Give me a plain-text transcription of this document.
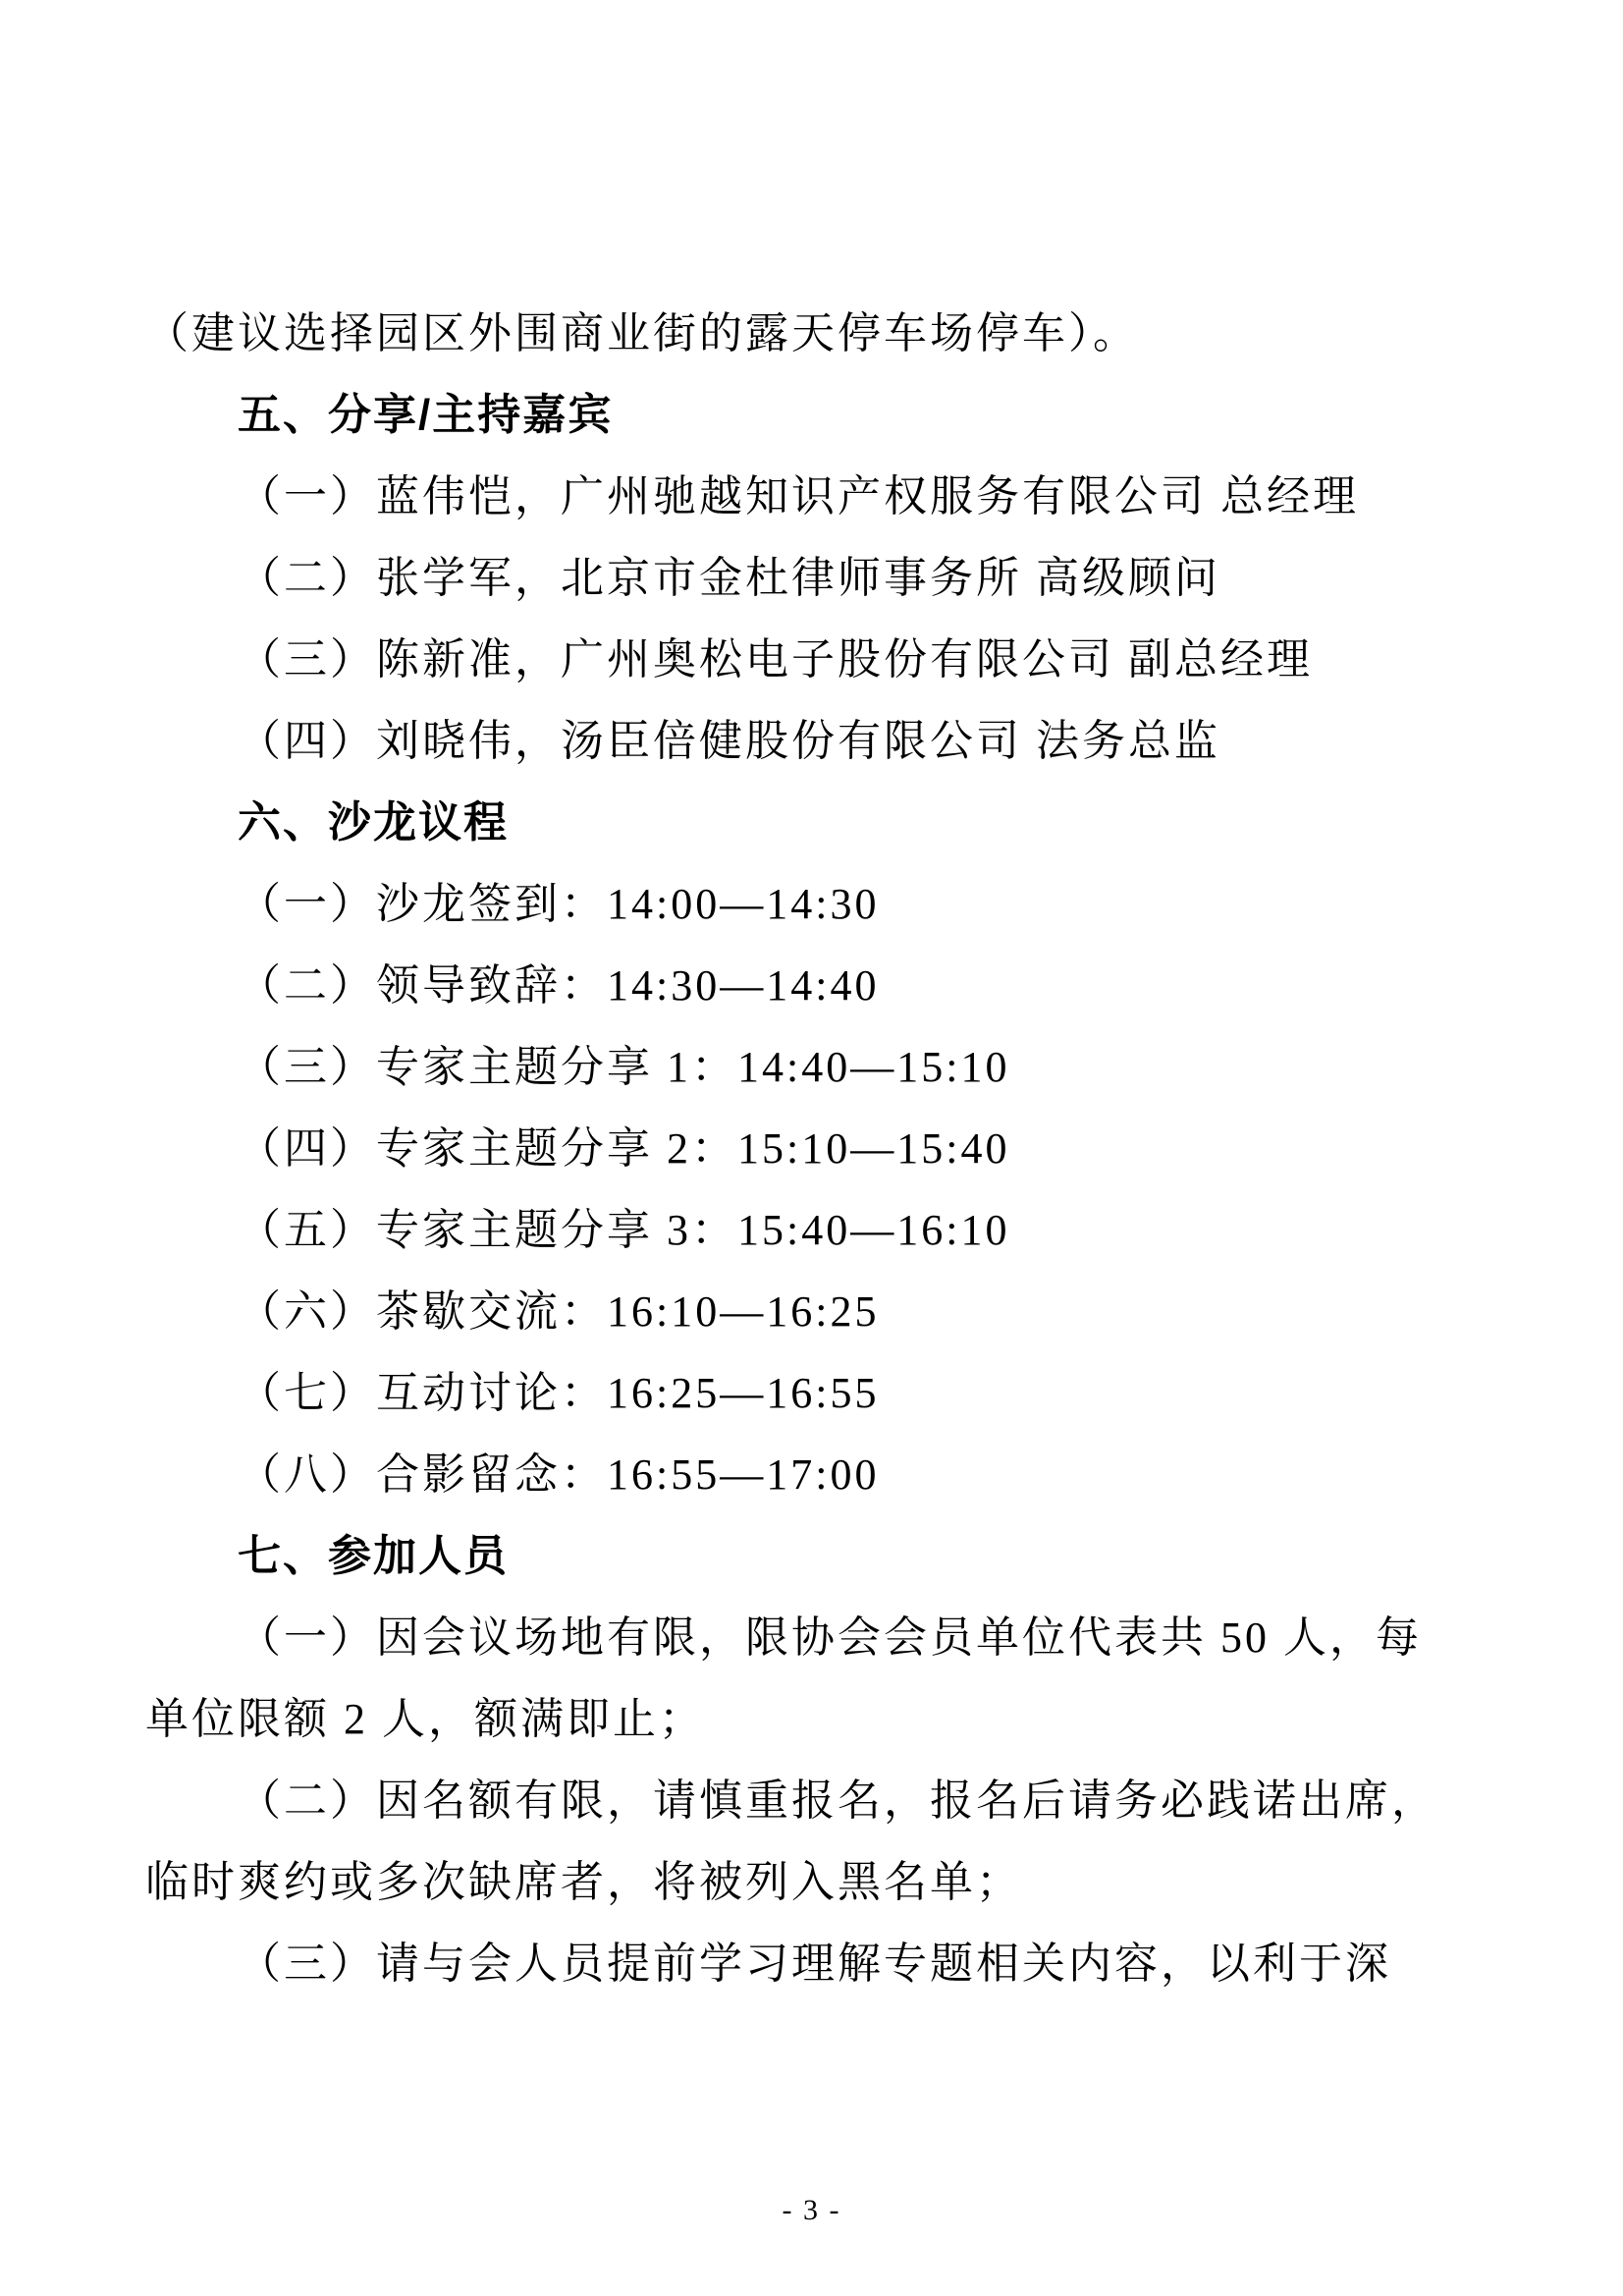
（建议选择园区外围商业街的露天停车场停车）。
五、分享/主持嘉宾
（一）蓝伟恺，广州驰越知识产权服务有限公司 总经理
（二）张学军，北京市金杜律师事务所 高级顾问
（三）陈新准，广州奥松电子股份有限公司 副总经理
（四）刘晓伟，汤臣倍健股份有限公司 法务总监
六、沙龙议程
（一）沙龙签到：14:00—14:30
（二）领导致辞：14:30—14:40
（三）专家主题分享 1：14:40—15:10
（四）专家主题分享 2：15:10—15:40
（五）专家主题分享 3：15:40—16:10
（六）茶歇交流：16:10—16:25
（七）互动讨论：16:25—16:55
（八）合影留念：16:55—17:00
七、参加人员
（一）因会议场地有限，限协会会员单位代表共 50 人，每
单位限额 2 人，额满即止；
（二）因名额有限，请慎重报名，报名后请务必践诺出席，
临时爽约或多次缺席者，将被列入黑名单；
（三）请与会人员提前学习理解专题相关内容，以利于深
- 3 -
